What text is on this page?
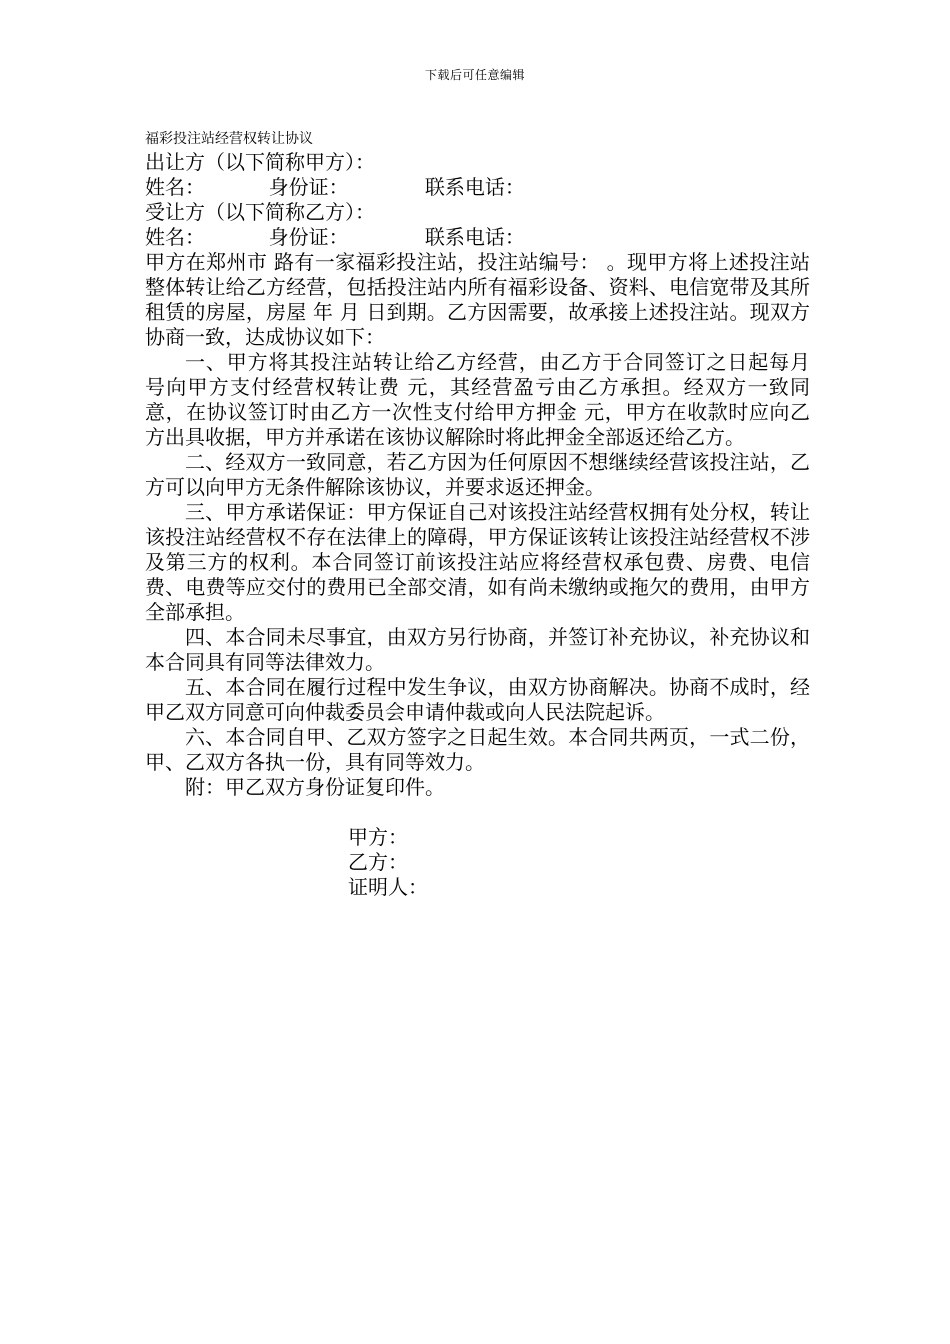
下载后可任意编辑
福彩投注站经营权转让协议
出让方（以下简称甲方）：
姓名：          身份证：            联系电话：
受让方（以下简称乙方）：
姓名：          身份证：            联系电话：
甲方在郑州市 路有一家福彩投注站，投注站编号： 。现甲方将上述投注站整体转让给乙方经营，包括投注站内所有福彩设备、资料、电信宽带及其所租赁的房屋，房屋 年 月 日到期。乙方因需要，故承接上述投注站。现双方协商一致，达成协议如下：
一、甲方将其投注站转让给乙方经营，由乙方于合同签订之日起每月 号向甲方支付经营权转让费 元，其经营盈亏由乙方承担。经双方一致同意，在协议签订时由乙方一次性支付给甲方押金 元，甲方在收款时应向乙方出具收据，甲方并承诺在该协议解除时将此押金全部返还给乙方。
二、经双方一致同意，若乙方因为任何原因不想继续经营该投注站，乙方可以向甲方无条件解除该协议，并要求返还押金。
三、甲方承诺保证：甲方保证自己对该投注站经营权拥有处分权，转让该投注站经营权不存在法律上的障碍，甲方保证该转让该投注站经营权不涉及第三方的权利。本合同签订前该投注站应将经营权承包费、房费、电信费、电费等应交付的费用已全部交清，如有尚未缴纳或拖欠的费用，由甲方全部承担。
四、本合同未尽事宜，由双方另行协商，并签订补充协议，补充协议和本合同具有同等法律效力。
五、本合同在履行过程中发生争议，由双方协商解决。协商不成时，经甲乙双方同意可向仲裁委员会申请仲裁或向人民法院起诉。
六、本合同自甲、乙双方签字之日起生效。本合同共两页，一式二份，甲、乙双方各执一份，具有同等效力。
附：甲乙双方身份证复印件。
甲方：
乙方：
证明人：
